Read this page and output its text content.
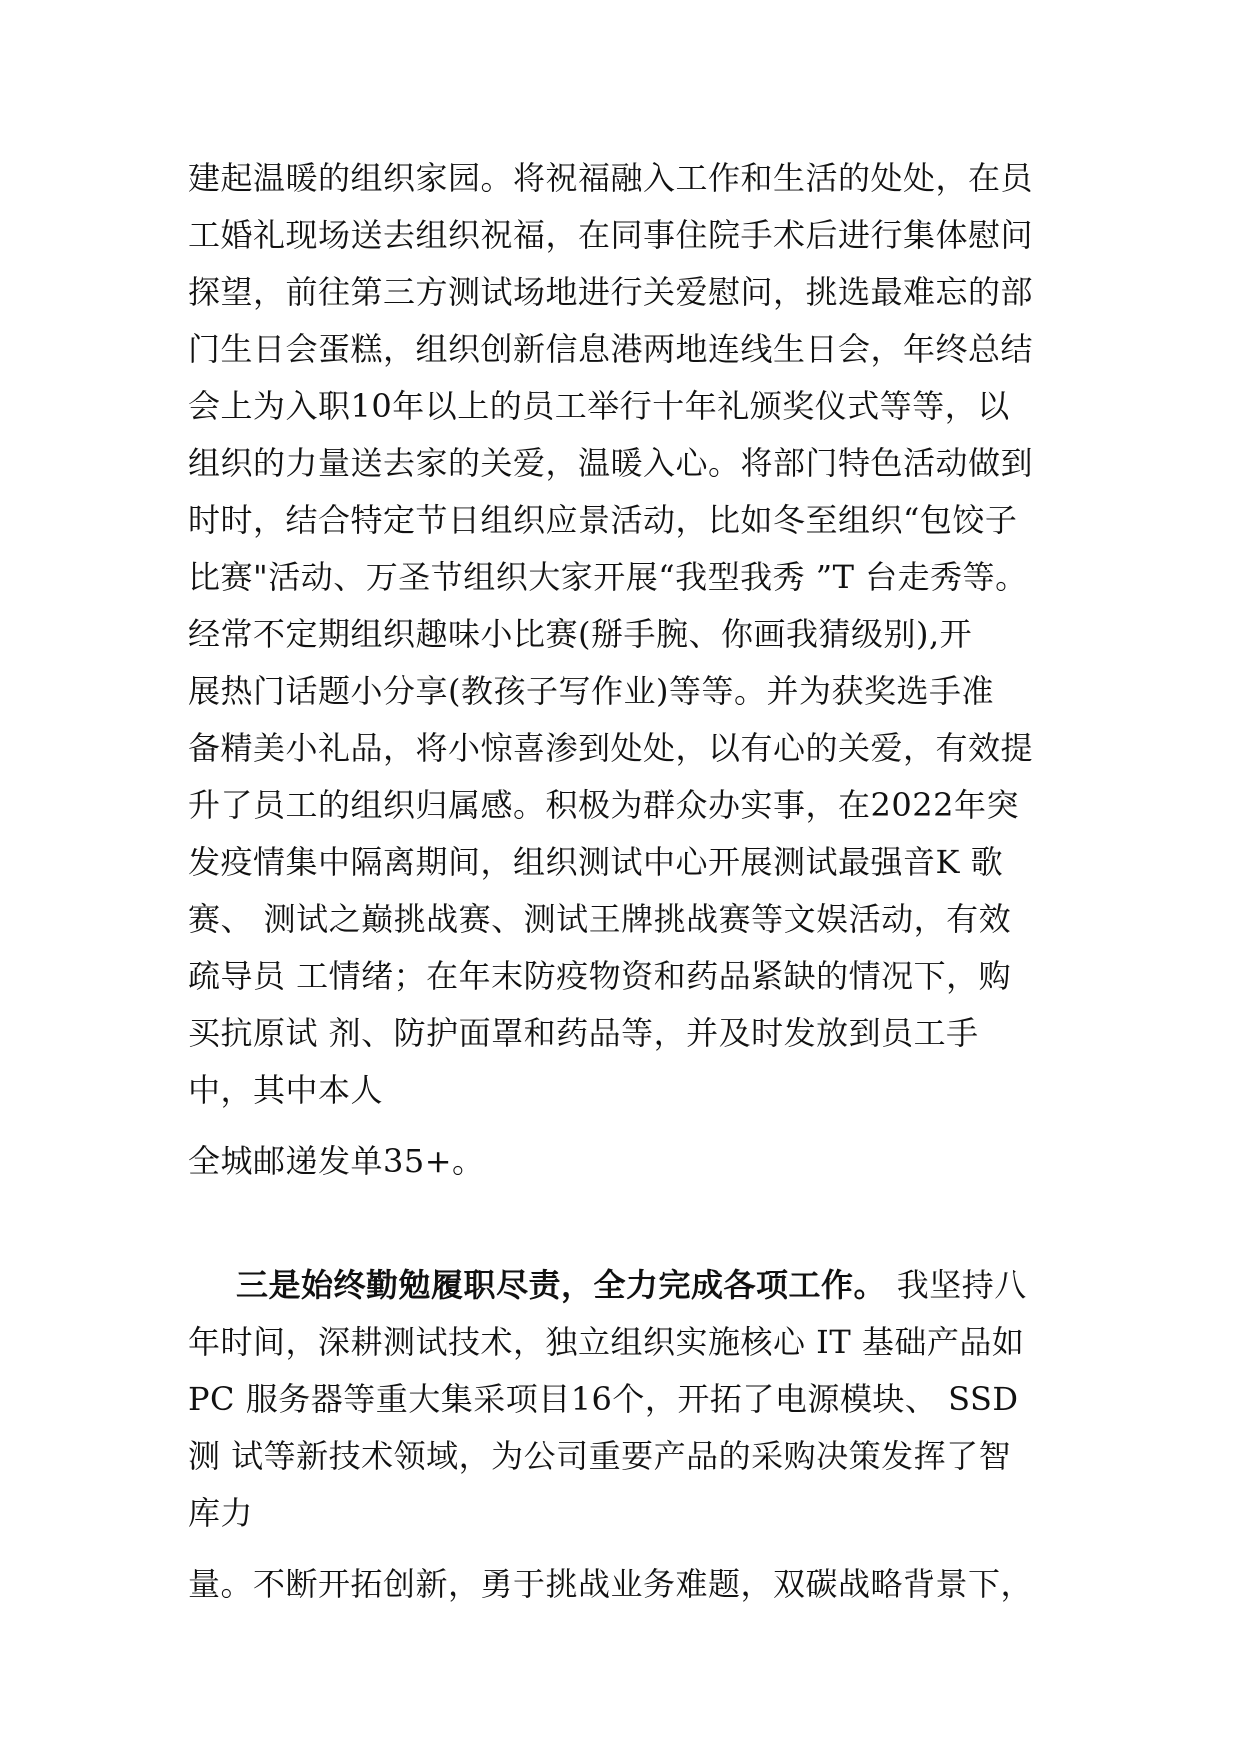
建起温暖的组织家园。将祝福融入工作和生活的处处，在员
工婚礼现场送去组织祝福，在同事住院手术后进行集体慰问
探望，前往第三方测试场地进行关爱慰问，挑选最难忘的部
门生日会蛋糕，组织创新信息港两地连线生日会，年终总结
会上为入职10年以上的员工举行十年礼颁奖仪式等等，以
组织的力量送去家的关爱，温暖入心。将部门特色活动做到
时时，结合特定节日组织应景活动，比如冬至组织“包饺子
比赛"活动、万圣节组织大家开展“我型我秀 ”T 台走秀等。
经常不定期组织趣味小比赛(掰手腕、你画我猜级别),开
展热门话题小分享(教孩子写作业)等等。并为获奖选手准
备精美小礼品，将小惊喜渗到处处，以有心的关爱，有效提
升了员工的组织归属感。积极为群众办实事，在2022年突
发疫情集中隔离期间，组织测试中心开展测试最强音K 歌
赛、 测试之巅挑战赛、测试王牌挑战赛等文娱活动，有效
疏导员 工情绪；在年末防疫物资和药品紧缺的情况下，购
买抗原试 剂、防护面罩和药品等，并及时发放到员工手
中，其中本人
全城邮递发单35+。
三是始终勤勉履职尽责，全力完成各项工作。 我坚持八
年时间，深耕测试技术，独立组织实施核心 IT 基础产品如
PC 服务器等重大集采项目16个，开拓了电源模块、 SSD
测 试等新技术领域，为公司重要产品的采购决策发挥了智
库力
量。不断开拓创新，勇于挑战业务难题，双碳战略背景下，
